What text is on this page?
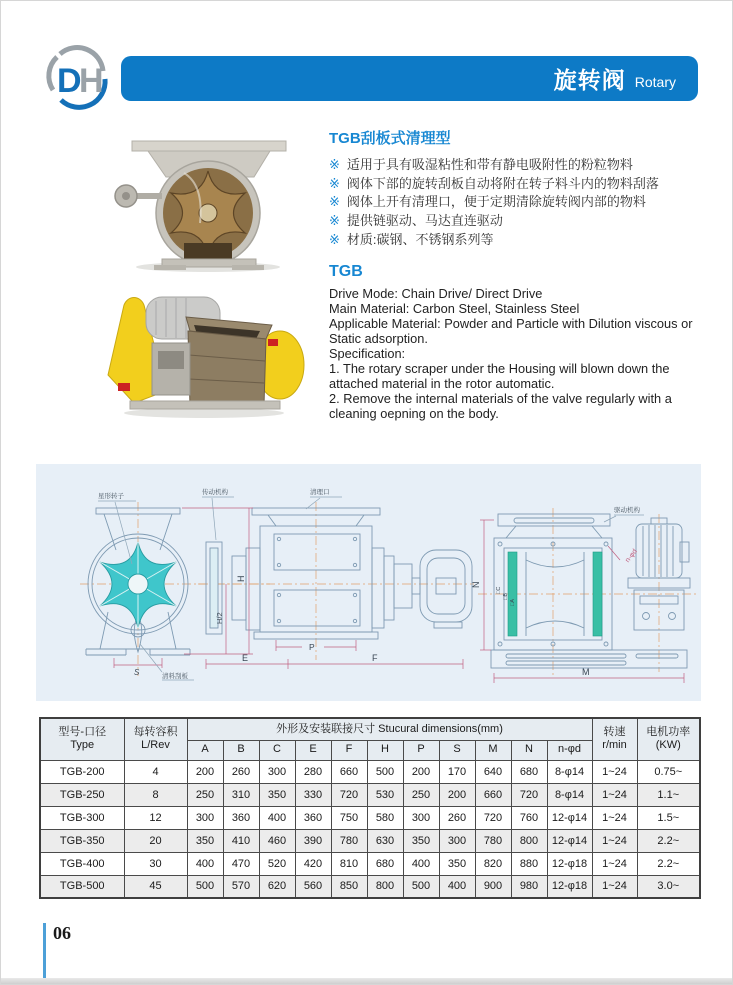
D
H	旋转阀 Rotary
TGB刮板式清理型
※ 适用于具有吸湿粘性和带有静电吸附性的粉粒物料
※ 阀体下部的旋转刮板自动将附在转子料斗内的物料刮落
※ 阀体上开有清理口，便于定期清除旋转阀内部的物料
※ 提供链驱动、马达直连驱动
※ 材质:碳钢、不锈钢系列等
TGB
Drive Mode: Chain Drive/ Direct Drive
Main Material: Carbon Steel, Stainless Steel
Applicable Material: Powder and Particle with Dilution viscous or
Static adsorption.
Specification:
1. The rotary scraper under the Housing will blown down the
attached material in the rotor automatic.
2. Remove the internal materials of the valve regularly with a
cleaning oepning on the body.
H
H/2
S
P
E	F
N
M
n-φd
□C
□B
□A
星形转子
清料刮板
传动机构	清理口
驱动机构
型号-口径
Type

每转容积
L/Rev
	外形及安装联接尺寸 Stucural dimensions(mm)	转速
r/min

电机功率
(KW)

		A	B	C	E	F	H	P	S	M	N	n-φd		
TGB-200	4	200	260	300	280	660	500	200	170	640	680	8-φ14	1~24	0.75~
TGB-250	8	250	310	350	330	720	530	250	200	660	720	8-φ14	1~24	1.1~
TGB-300	12	300	360	400	360	750	580	300	260	720	760	12-φ14	1~24	1.5~
TGB-350	20	350	410	460	390	780	630	350	300	780	800	12-φ14	1~24	2.2~
TGB-400	30	400	470	520	420	810	680	400	350	820	880	12-φ18	1~24	2.2~
TGB-500	45	500	570	620	560	850	800	500	400	900	980	12-φ18	1~24	3.0~
06
